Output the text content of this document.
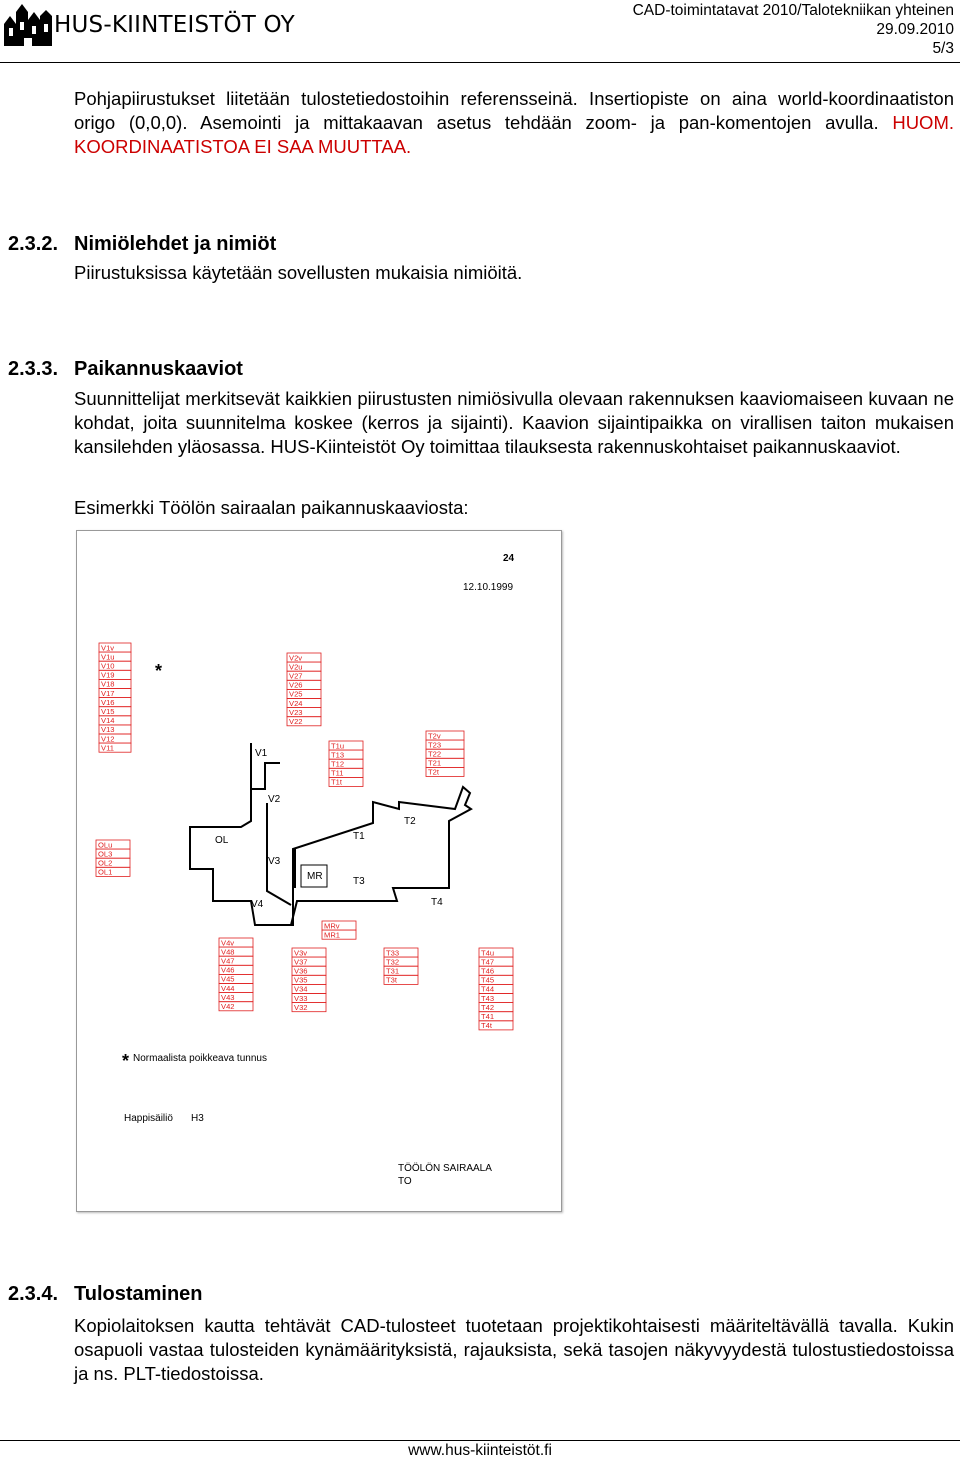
HUS-KIINTEISTÖT OY
CAD-toimintatavat 2010/Talotekniikan yhteinen
29.09.2010
5/3
Pohjapiirustukset liitetään tulostetiedostoihin referensseinä. Insertiopiste on aina world-koordinaatiston origo (0,0,0). Asemointi ja mittakaavan asetus tehdään zoom- ja pan-komentojen avulla. HUOM. KOORDINAATISTOA EI SAA MUUTTAA.
2.3.2. Nimiölehdet ja nimiöt
Piirustuksissa käytetään sovellusten mukaisia nimiöitä.
2.3.3. Paikannuskaaviot
Suunnittelijat merkitsevät kaikkien piirustusten nimiösivulla olevaan rakennuksen kaaviomaiseen kuvaan ne kohdat, joita suunnitelma koskee (kerros ja sijainti). Kaavion sijaintipaikka on virallisen taiton mukaisen kansilehden yläosassa. HUS-Kiinteistöt Oy toimittaa tilauksesta rakennuskohtaiset paikannuskaaviot.
Esimerkki Töölön sairaalan paikannuskaaviosta:
24
12.10.1999
V1
V2
V3
V4
OL
MR
T1
T2
T3
T4
*
V1v
V1u
V10
V19
V18
V17
V16
V15
V14
V13
V12
V11
V2v
V2u
V27
V26
V25
V24
V23
V22
T1u
T13
T12
T11
T1t
T2v
T23
T22
T21
T2t
OLu
OL3
OL2
OL1
MRv
MR1
V4v
V48
V47
V46
V45
V44
V43
V42
V3v
V37
V36
V35
V34
V33
V32
T33
T32
T31
T3t
T4u
T47
T46
T45
T44
T43
T42
T41
T4t
* Normaalista poikkeava tunnus
Happisäiliö H3
TÖÖLÖN SAIRAALA
TO
2.3.4. Tulostaminen
Kopiolaitoksen kautta tehtävät CAD-tulosteet tuotetaan projektikohtaisesti määriteltävällä tavalla. Kukin osapuoli vastaa tulosteiden kynämäärityksistä, rajauksista, sekä tasojen näkyvyydestä tulostustiedostoissa ja ns. PLT-tiedostoissa.
www.hus-kiinteistöt.fi
